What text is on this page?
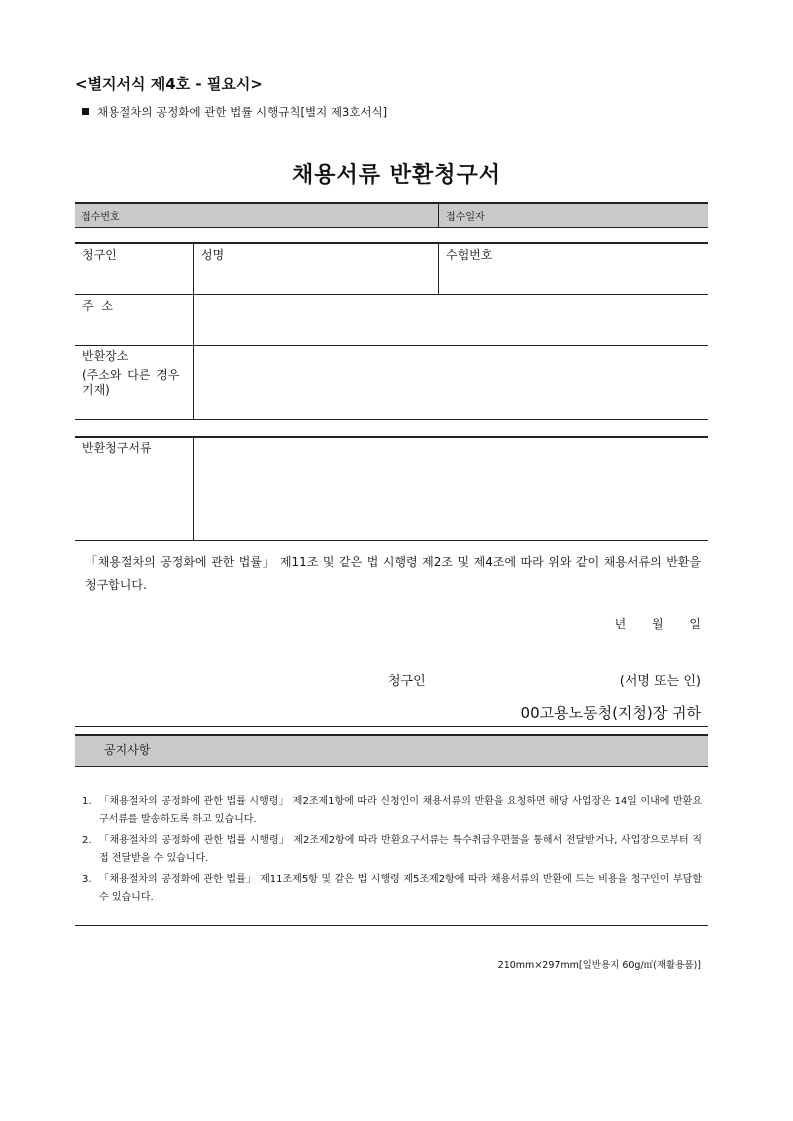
<별지서식 제4호 - 필요시>
채용절차의 공정화에 관한 법률 시행규칙[별지 제3호서식]
채용서류 반환청구서
접수번호	접수일자
청구인	성명	수험번호
주 소
반환장소
(주소와 다른 경우 기재)
반환청구서류
「채용절차의 공정화에 관한 법률」 제11조 및 같은 법 시행령 제2조 및 제4조에 따라 위와 같이 채용서류의 반환을 청구합니다.
년 월 일
청구인	(서명 또는 인)
00고용노동청(지청)장 귀하
공지사항
1. 「채용절차의 공정화에 관한 법률 시행령」 제2조제1항에 따라 신청인이 채용서류의 반환을 요청하면 해당 사업장은 14일 이내에 반환요구서류를 발송하도록 하고 있습니다.
2. 「채용절차의 공정화에 관한 법률 시행령」 제2조제2항에 따라 반환요구서류는 특수취급우편물을 통해서 전달받거나, 사업장으로부터 직접 전달받을 수 있습니다.
3. 「채용절차의 공정화에 관한 법률」 제11조제5항 및 같은 법 시행령 제5조제2항에 따라 채용서류의 반환에 드는 비용을 청구인이 부담할 수 있습니다.
210mm×297mm[일반용지 60g/㎡(재활용품)]
